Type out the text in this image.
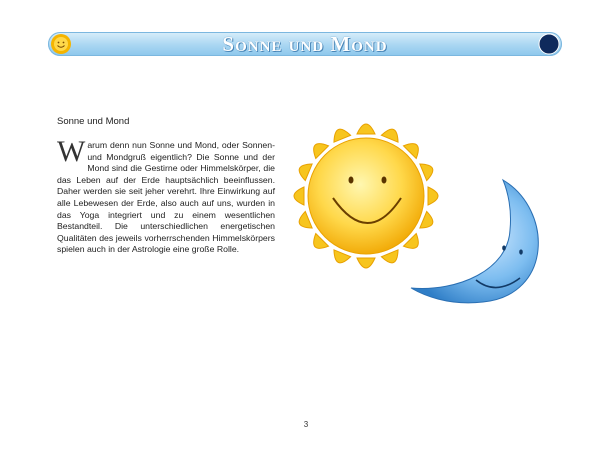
Sonne und Mond
Sonne und Mond
Warum denn nun Sonne und Mond, oder Sonnen- und Mondgruß eigentlich? Die Sonne und der Mond sind die Gestirne oder Himmelskörper, die das Leben auf der Erde hauptsächlich beeinflussen. Daher werden sie seit jeher verehrt. Ihre Einwirkung auf alle Lebewesen der Erde, also auch auf uns, wurden in das Yoga integriert und zu einem wesentlichen Bestandteil. Die unterschiedlichen energetischen Qualitäten des jeweils vorherrschenden Himmelskörpers spielen auch in der Astrologie eine große Rolle.
3
